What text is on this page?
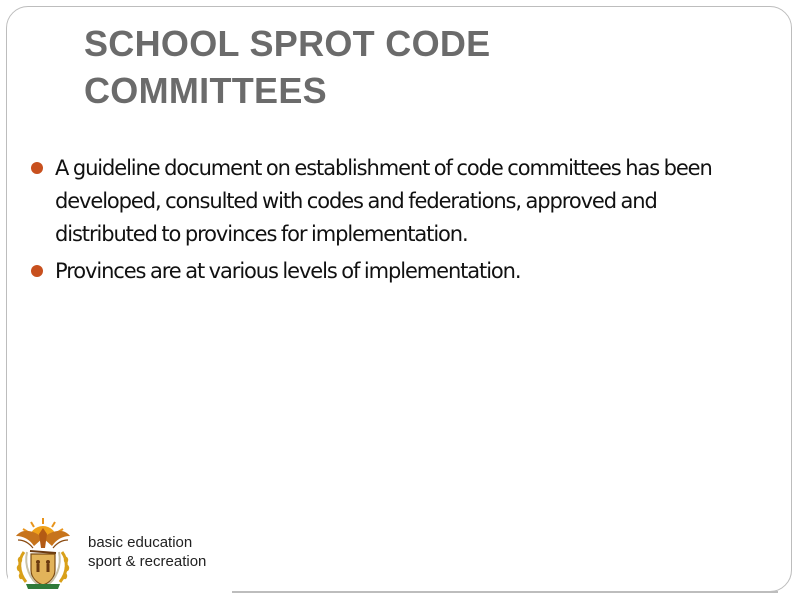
SCHOOL SPROT CODE COMMITTEES
A guideline document on establishment of code committees has been developed, consulted with codes and federations, approved and distributed to provinces for implementation.
Provinces are at various levels of implementation.
basic education
sport & recreation
